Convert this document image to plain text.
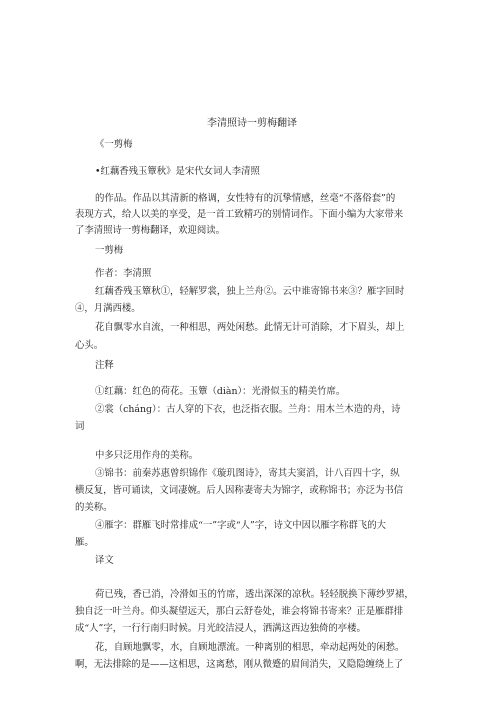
李清照诗一剪梅翻译
《一剪梅
•红藕香残玉簟秋》是宋代女词人李清照
的作品。作品以其清新的格调，女性特有的沉挚情感，丝毫“不落俗套”的
表现方式，给人以美的享受，是一首工致精巧的别情词作。下面小编为大家带来
了李清照诗一剪梅翻译，欢迎阅读。
一剪梅
作者：李清照
红藕香残玉簟秋①，轻解罗裳，独上兰舟②。云中谁寄锦书来③？雁字回时
④，月满西楼。
花自飘零水自流，一种相思，两处闲愁。此情无计可消除，才下眉头，却上
心头。
注释
①红藕：红色的荷花。玉簟（diàn）：光滑似玉的精美竹席。
②裳（chánɡ）：古人穿的下衣，也泛指衣服。兰舟：用木兰木造的舟，诗
词
中多只泛用作舟的美称。
③锦书：前秦苏惠曾织锦作《璇玑图诗》，寄其夫窦滔，计八百四十字，纵
横反复，皆可诵读，文词凄婉。后人因称妻寄夫为锦字，或称锦书；亦泛为书信
的美称。
④雁字：群雁飞时常排成“一”字或“人”字，诗文中因以雁字称群飞的大
雁。
译文
荷已残，香已消，冷滑如玉的竹席，透出深深的凉秋。轻轻脱换下薄纱罗裙，
独自泛一叶兰舟。仰头凝望远天，那白云舒卷处，谁会将锦书寄来？正是雁群排
成“人”字，一行行南归时候。月光皎洁浸人，洒满这西边独倚的亭楼。
花，自顾地飘零，水，自顾地漂流。一种离别的相思，牵动起两处的闲愁。
啊，无法排除的是——这相思，这离愁，刚从微蹙的眉间消失，又隐隐缠绕上了
